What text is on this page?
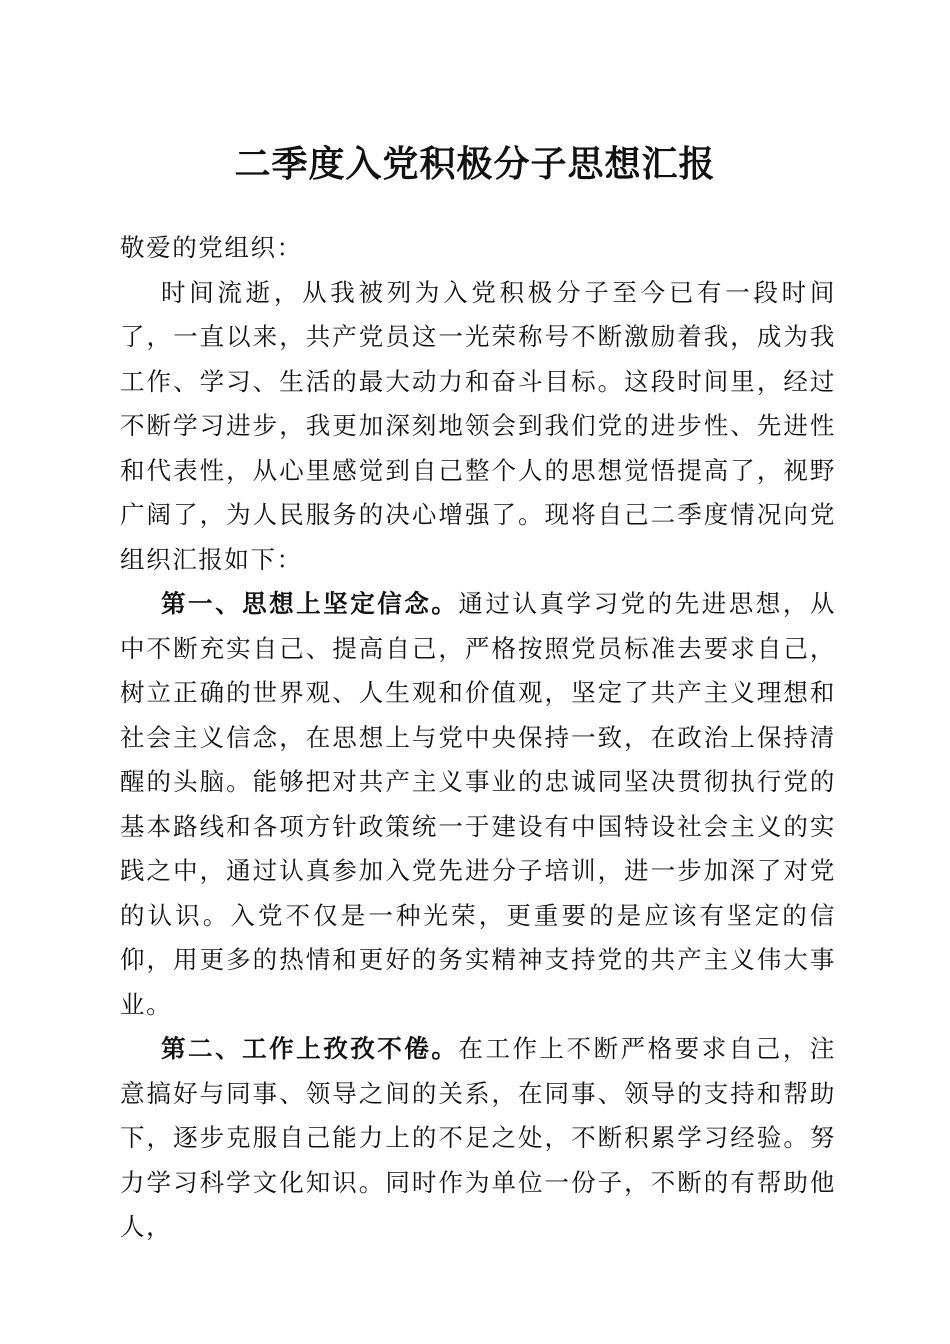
二季度入党积极分子思想汇报

敬爱的党组织：

时间流逝，从我被列为入党积极分子至今已有一段时间了，一直以来，共产党员这一光荣称号不断激励着我，成为我工作、学习、生活的最大动力和奋斗目标。这段时间里，经过不断学习进步，我更加深刻地领会到我们党的进步性、先进性和代表性，从心里感觉到自己整个人的思想觉悟提高了，视野广阔了，为人民服务的决心增强了。现将自己二季度情况向党组织汇报如下：

第一、思想上坚定信念。通过认真学习党的先进思想，从中不断充实自己、提高自己，严格按照党员标准去要求自己，树立正确的世界观、人生观和价值观，坚定了共产主义理想和社会主义信念，在思想上与党中央保持一致，在政治上保持清醒的头脑。能够把对共产主义事业的忠诚同坚决贯彻执行党的基本路线和各项方针政策统一于建设有中国特设社会主义的实践之中，通过认真参加入党先进分子培训，进一步加深了对党的认识。入党不仅是一种光荣，更重要的是应该有坚定的信仰，用更多的热情和更好的务实精神支持党的共产主义伟大事业。

第二、工作上孜孜不倦。在工作上不断严格要求自己，注意搞好与同事、领导之间的关系，在同事、领导的支持和帮助下，逐步克服自己能力上的不足之处，不断积累学习经验。努力学习科学文化知识。同时作为单位一份子，不断的有帮助他人，
